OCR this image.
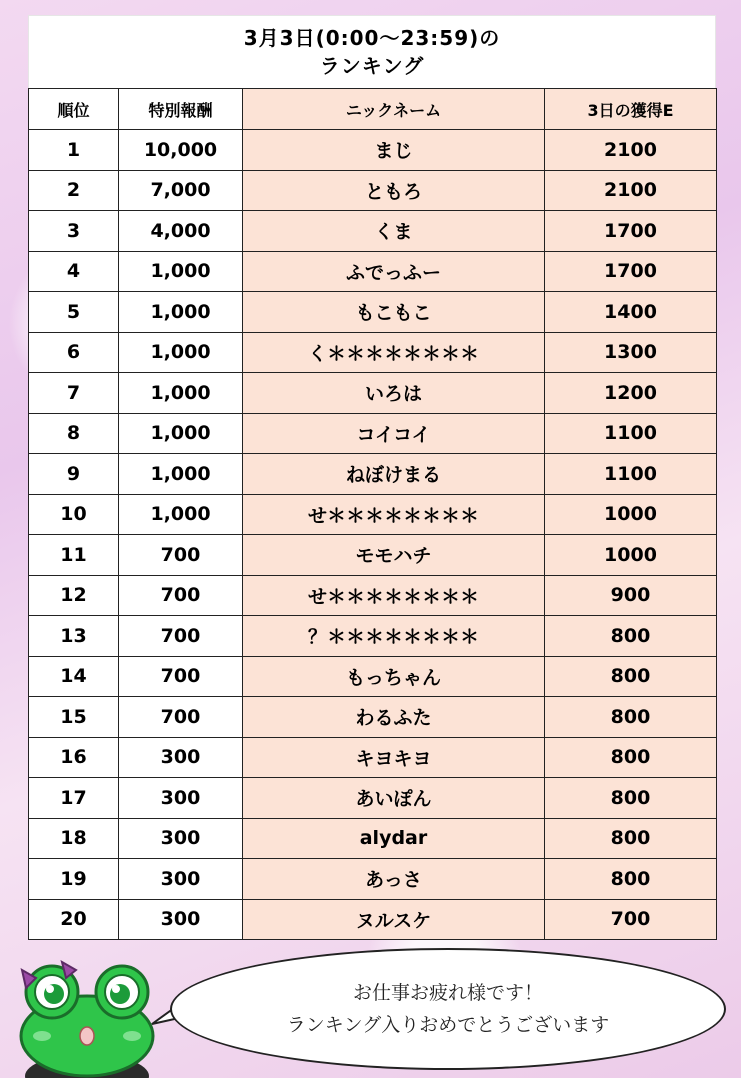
3月3日(0:00〜23:59)の
ランキング
順位	特別報酬	ニックネーム	3日の獲得E
1	10,000	まじ	2100
2	7,000	ともろ	2100
3	4,000	くま	1700
4	1,000	ふでっふー	1700
5	1,000	もこもこ	1400
6	1,000	く＊＊＊＊＊＊＊＊	1300
7	1,000	いろは	1200
8	1,000	コイコイ	1100
9	1,000	ねぼけまる	1100
10	1,000	せ＊＊＊＊＊＊＊＊	1000
11	700	モモハチ	1000
12	700	せ＊＊＊＊＊＊＊＊	900
13	700	？＊＊＊＊＊＊＊＊	800
14	700	もっちゃん	800
15	700	わるふた	800
16	300	キヨキヨ	800
17	300	あいぽん	800
18	300	alydar	800
19	300	あっさ	800
20	300	ヌルスケ	700
お仕事お疲れ様です！
ランキング入りおめでとうございます
